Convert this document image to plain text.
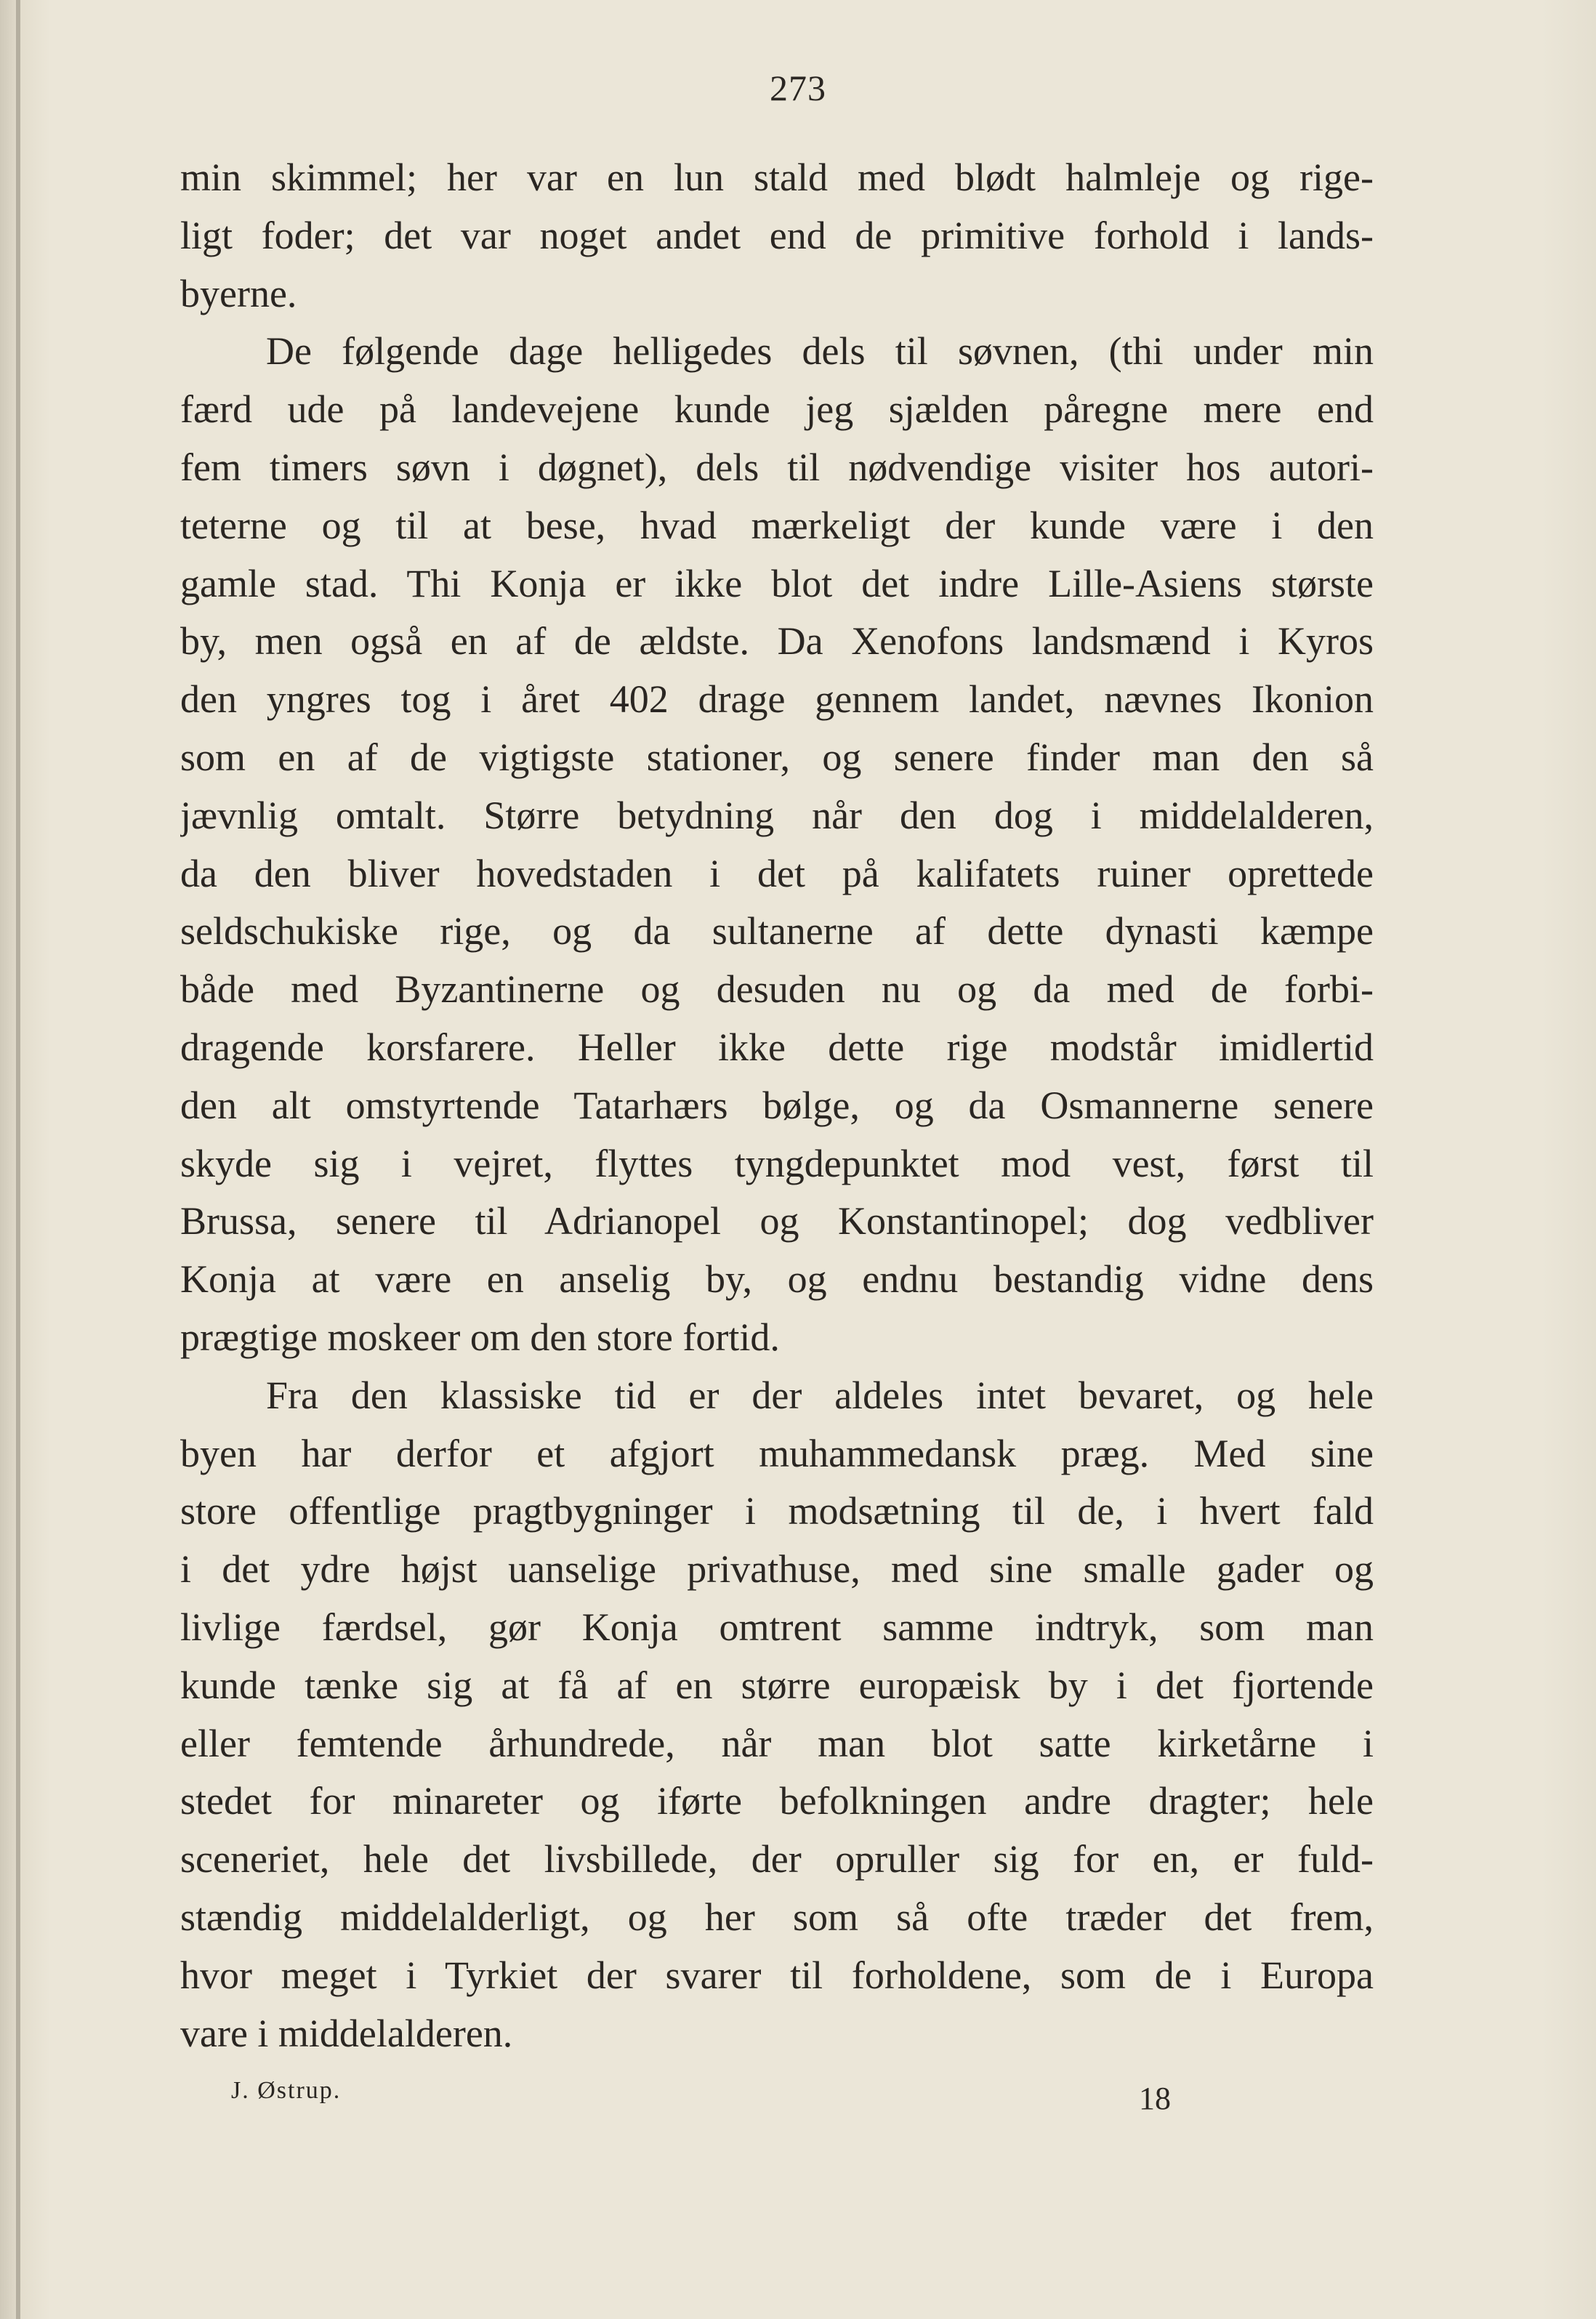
273
min skimmel; her var en lun stald med blødt halmleje og rige-
ligt foder; det var noget andet end de primitive forhold i lands-
byerne.
De følgende dage helligedes dels til søvnen, (thi under min
færd ude på landevejene kunde jeg sjælden påregne mere end
fem timers søvn i døgnet), dels til nødvendige visiter hos autori-
teterne og til at bese, hvad mærkeligt der kunde være i den
gamle stad. Thi Konja er ikke blot det indre Lille-Asiens største
by, men også en af de ældste. Da Xenofons landsmænd i Kyros
den yngres tog i året 402 drage gennem landet, nævnes Ikonion
som en af de vigtigste stationer, og senere finder man den så
jævnlig omtalt. Større betydning når den dog i middelalderen,
da den bliver hovedstaden i det på kalifatets ruiner oprettede
seldschukiske rige, og da sultanerne af dette dynasti kæmpe
både med Byzantinerne og desuden nu og da med de forbi-
dragende korsfarere. Heller ikke dette rige modstår imidlertid
den alt omstyrtende Tatarhærs bølge, og da Osmannerne senere
skyde sig i vejret, flyttes tyngdepunktet mod vest, først til
Brussa, senere til Adrianopel og Konstantinopel; dog vedbliver
Konja at være en anselig by, og endnu bestandig vidne dens
prægtige moskeer om den store fortid.
Fra den klassiske tid er der aldeles intet bevaret, og hele
byen har derfor et afgjort muhammedansk præg. Med sine
store offentlige pragtbygninger i modsætning til de, i hvert fald
i det ydre højst uanselige privathuse, med sine smalle gader og
livlige færdsel, gør Konja omtrent samme indtryk, som man
kunde tænke sig at få af en større europæisk by i det fjortende
eller femtende århundrede, når man blot satte kirketårne i
stedet for minareter og iførte befolkningen andre dragter; hele
sceneriet, hele det livsbillede, der opruller sig for en, er fuld-
stændig middelalderligt, og her som så ofte træder det frem,
hvor meget i Tyrkiet der svarer til forholdene, som de i Europa
vare i middelalderen.
J. Østrup.	18
